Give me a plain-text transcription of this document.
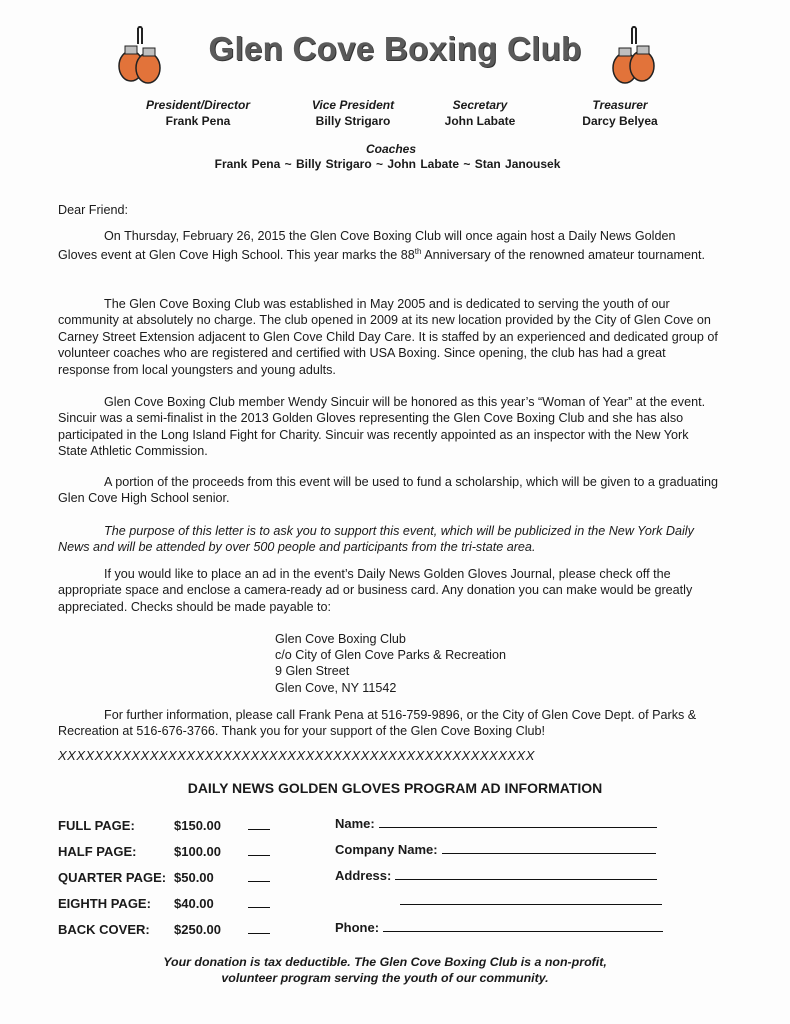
Glen Cove Boxing Club
President/Director
Frank Pena
Vice President
Billy Strigaro
Secretary
John Labate
Treasurer
Darcy Belyea
Coaches
Frank Pena ~ Billy Strigaro ~ John Labate ~ Stan Janousek
Dear Friend:

On Thursday, February 26, 2015 the Glen Cove Boxing Club will once again host a Daily News Golden Gloves event at Glen Cove High School. This year marks the 88th Anniversary of the renowned amateur tournament.

The Glen Cove Boxing Club was established in May 2005 and is dedicated to serving the youth of our community at absolutely no charge. The club opened in 2009 at its new location provided by the City of Glen Cove on Carney Street Extension adjacent to Glen Cove Child Day Care. It is staffed by an experienced and dedicated group of volunteer coaches who are registered and certified with USA Boxing. Since opening, the club has had a great response from local youngsters and young adults.

Glen Cove Boxing Club member Wendy Sincuir will be honored as this year’s “Woman of Year” at the event. Sincuir was a semi-finalist in the 2013 Golden Gloves representing the Glen Cove Boxing Club and she has also participated in the Long Island Fight for Charity. Sincuir was recently appointed as an inspector with the New York State Athletic Commission.

A portion of the proceeds from this event will be used to fund a scholarship, which will be given to a graduating Glen Cove High School senior.

The purpose of this letter is to ask you to support this event, which will be publicized in the New York Daily News and will be attended by over 500 people and participants from the tri-state area.

If you would like to place an ad in the event’s Daily News Golden Gloves Journal, please check off the appropriate space and enclose a camera-ready ad or business card. Any donation you can make would be greatly appreciated. Checks should be made payable to:

Glen Cove Boxing Club
c/o City of Glen Cove Parks & Recreation
9 Glen Street
Glen Cove, NY 11542

For further information, please call Frank Pena at 516-759-9896, or the City of Glen Cove Dept. of Parks & Recreation at 516-676-3766. Thank you for your support of the Glen Cove Boxing Club!

XXXXXXXXXXXXXXXXXXXXXXXXXXXXXXXXXXXXXXXXXXXXXXXXXXXX
DAILY NEWS GOLDEN GLOVES PROGRAM AD INFORMATION
FULL PAGE:	$150.00
HALF PAGE:	$100.00
QUARTER PAGE: $50.00
EIGHTH PAGE: $40.00
BACK COVER: $250.00
Name:
Company Name:
Address:
Phone:
Your donation is tax deductible. The Glen Cove Boxing Club is a non-profit,
volunteer program serving the youth of our community.
